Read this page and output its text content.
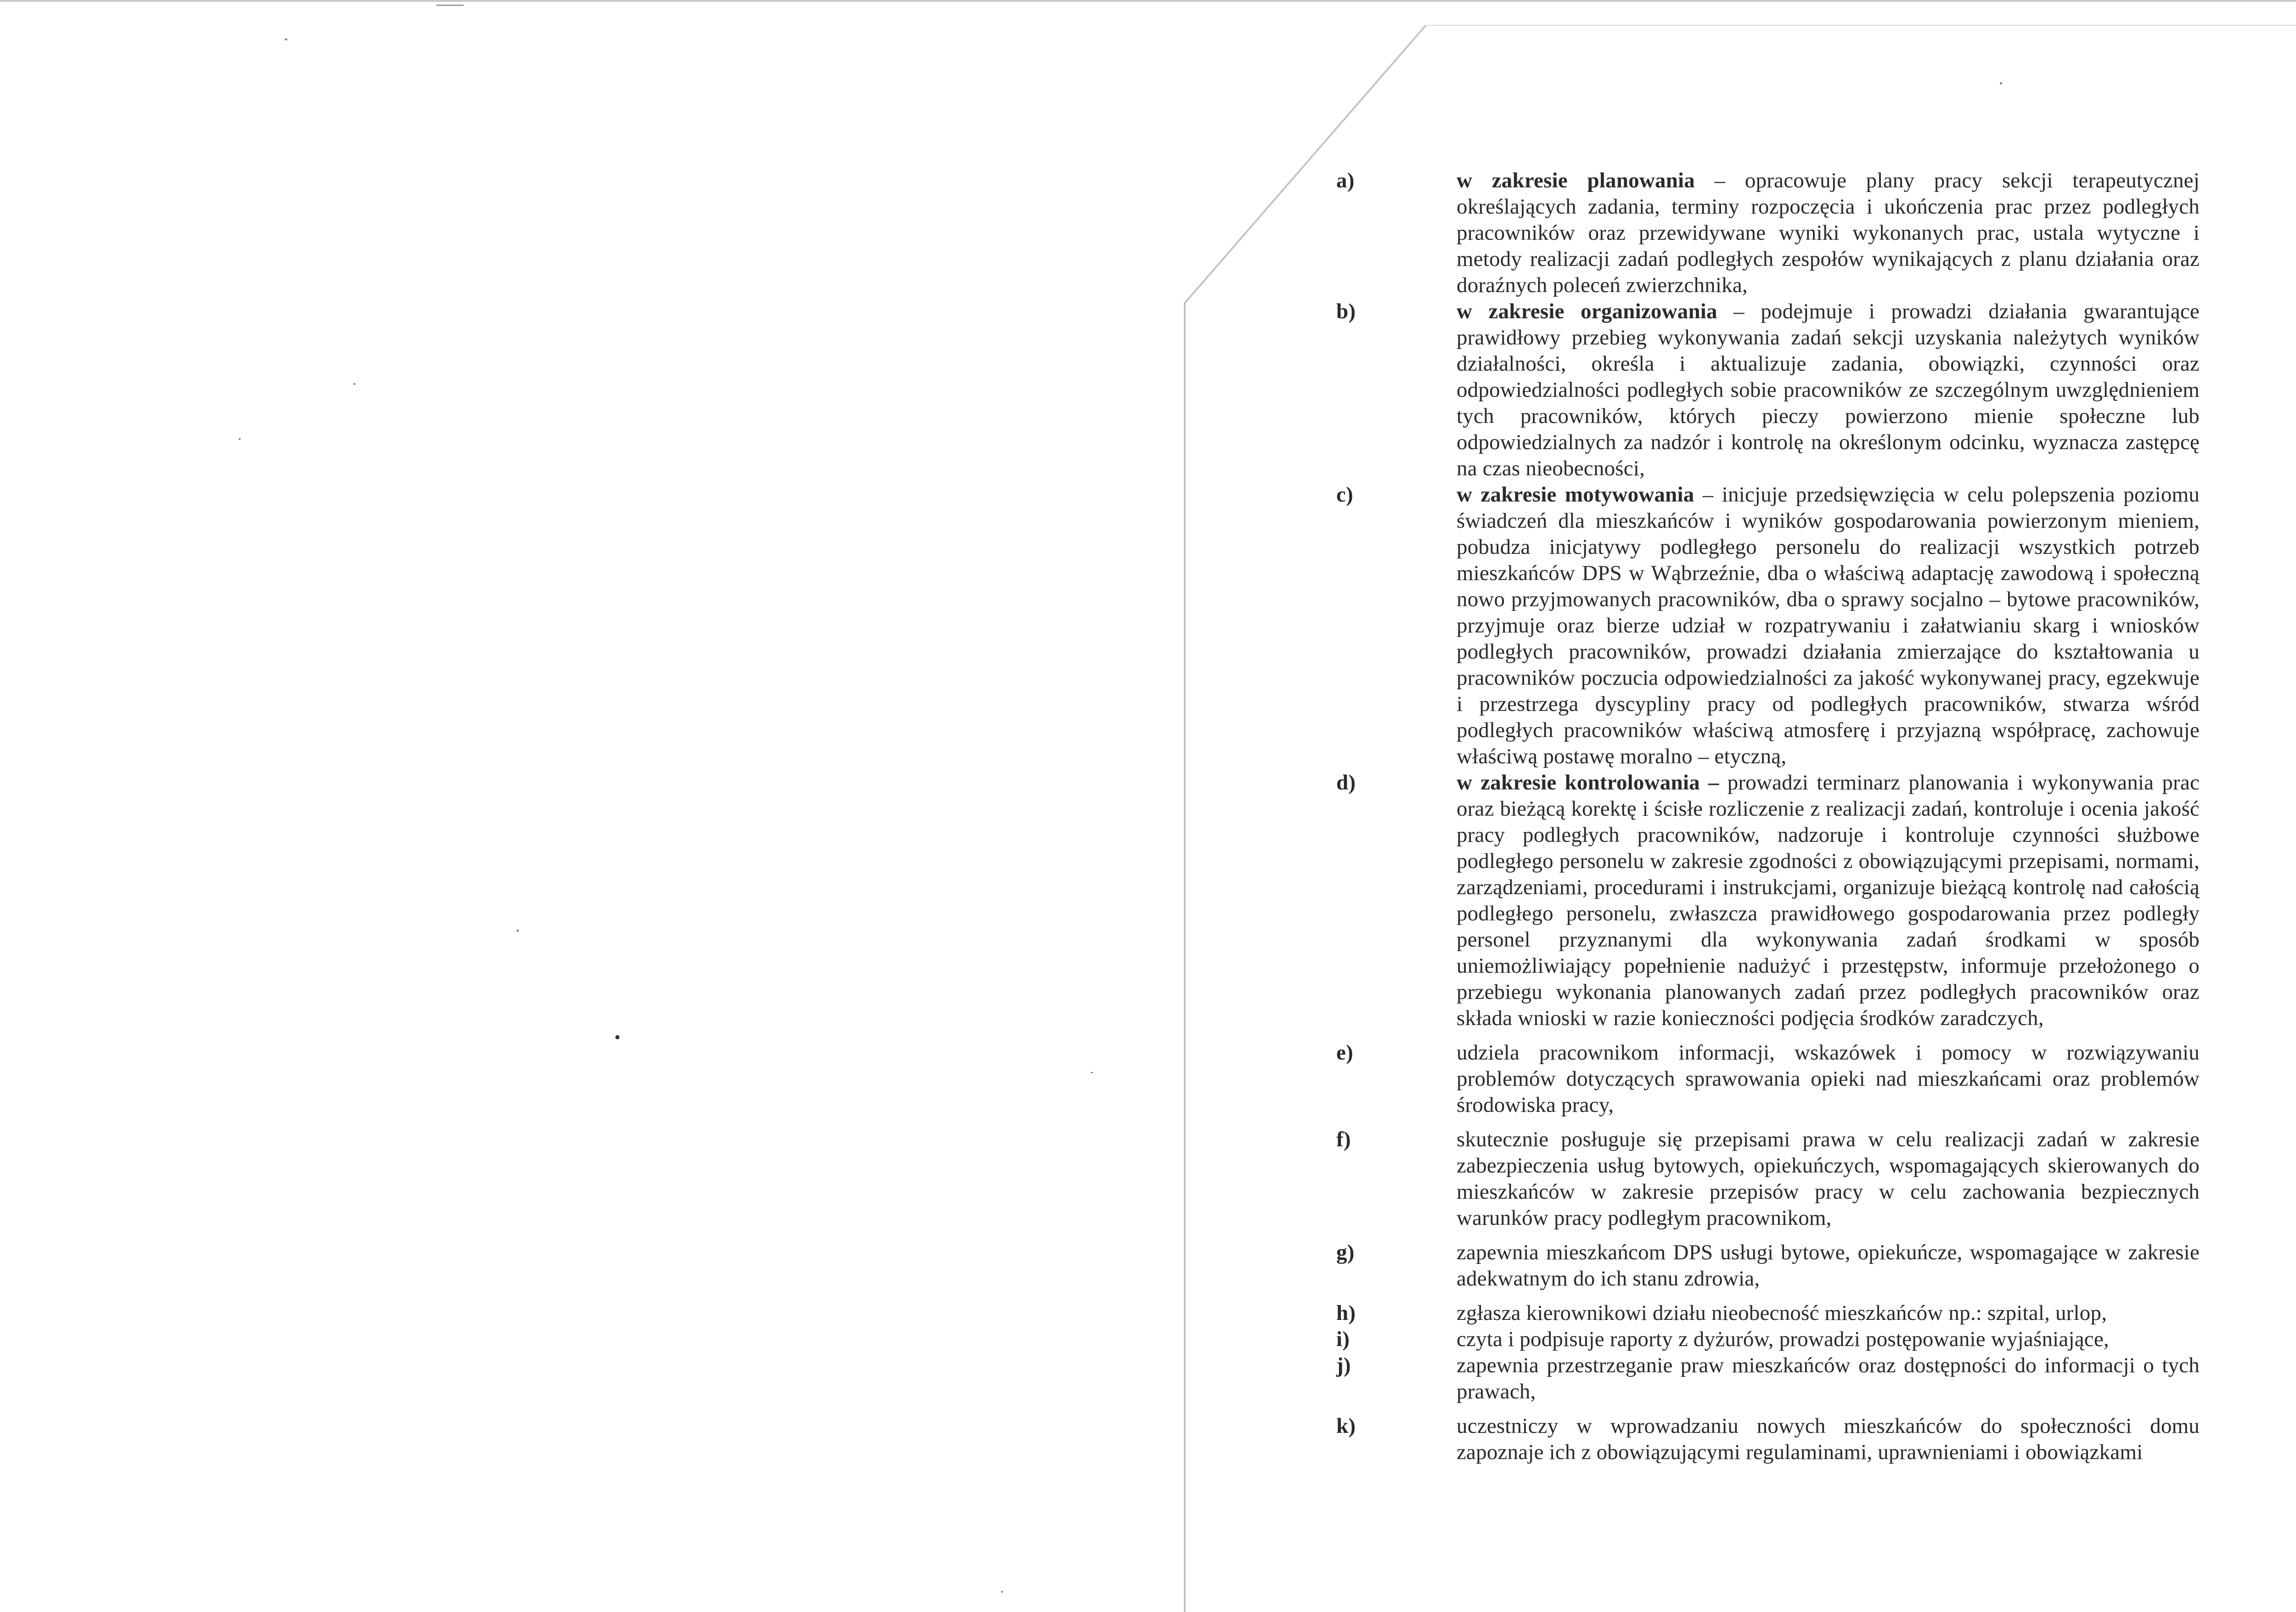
a)	w zakresie planowania – opracowuje plany pracy sekcji terapeutycznej określających zadania, terminy rozpoczęcia i ukończenia prac przez podległych pracowników oraz przewidywane wyniki wykonanych prac, ustala wytyczne i metody realizacji zadań podległych zespołów wynikających z planu działania oraz doraźnych poleceń zwierzchnika,
b)	w zakresie organizowania – podejmuje i prowadzi działania gwarantujące prawidłowy przebieg wykonywania zadań sekcji uzyskania należytych wyników działalności, określa i aktualizuje zadania, obowiązki, czynności oraz odpowiedzialności podległych sobie pracowników ze szczególnym uwzględnieniem tych pracowników, których pieczy powierzono mienie społeczne lub odpowiedzialnych za nadzór i kontrolę na określonym odcinku, wyznacza zastępcę na czas nieobecności,
c)	w zakresie motywowania – inicjuje przedsięwzięcia w celu polepszenia poziomu świadczeń dla mieszkańców i wyników gospodarowania powierzonym mieniem, pobudza inicjatywy podległego personelu do realizacji wszystkich potrzeb mieszkańców DPS w Wąbrzeźnie, dba o właściwą adaptację zawodową i społeczną nowo przyjmowanych pracowników, dba o sprawy socjalno – bytowe pracowników, przyjmuje oraz bierze udział w rozpatrywaniu i załatwianiu skarg i wniosków podległych pracowników, prowadzi działania zmierzające do kształtowania u pracowników poczucia odpowiedzialności za jakość wykonywanej pracy, egzekwuje i przestrzega dyscypliny pracy od podległych pracowników, stwarza wśród podległych pracowników właściwą atmosferę i przyjazną współpracę, zachowuje właściwą postawę moralno – etyczną,
d)	w zakresie kontrolowania – prowadzi terminarz planowania i wykonywania prac oraz bieżącą korektę i ścisłe rozliczenie z realizacji zadań, kontroluje i ocenia jakość pracy podległych pracowników, nadzoruje i kontroluje czynności służbowe podległego personelu w zakresie zgodności z obowiązującymi przepisami, normami, zarządzeniami, procedurami i instrukcjami, organizuje bieżącą kontrolę nad całością podległego personelu, zwłaszcza prawidłowego gospodarowania przez podległy personel przyznanymi dla wykonywania zadań środkami w sposób uniemożliwiający popełnienie nadużyć i przestępstw, informuje przełożonego o przebiegu wykonania planowanych zadań przez podległych pracowników oraz składa wnioski w razie konieczności podjęcia środków zaradczych,
e)	udziela pracownikom informacji, wskazówek i pomocy w rozwiązywaniu problemów dotyczących sprawowania opieki nad mieszkańcami oraz problemów środowiska pracy,
f)	skutecznie posługuje się przepisami prawa w celu realizacji zadań w zakresie zabezpieczenia usług bytowych, opiekuńczych, wspomagających skierowanych do mieszkańców w zakresie przepisów pracy w celu zachowania bezpiecznych warunków pracy podległym pracownikom,
g)	zapewnia mieszkańcom DPS usługi bytowe, opiekuńcze, wspomagające w zakresie adekwatnym do ich stanu zdrowia,
h)	zgłasza kierownikowi działu nieobecność mieszkańców np.: szpital, urlop,
i)	czyta i podpisuje raporty z dyżurów, prowadzi postępowanie wyjaśniające,
j)	zapewnia przestrzeganie praw mieszkańców oraz dostępności do informacji o tych prawach,
k)	uczestniczy w wprowadzaniu nowych mieszkańców do społeczności domu zapoznaje ich z obowiązującymi regulaminami, uprawnieniami i obowiązkami
